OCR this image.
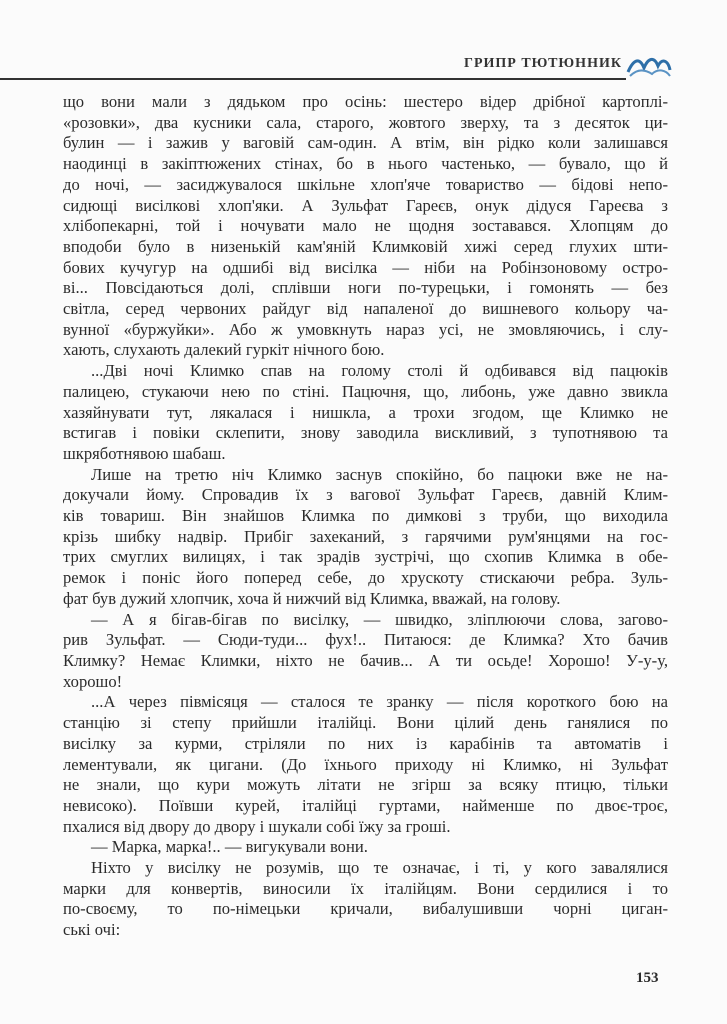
ГРИПР ТЮТЮННИК
що вони мали з дядьком про осінь: шестеро відер дрібної картоплі-
«розовки», два кусники сала, старого, жовтого зверху, та з десяток ци-
булин — і зажив у ваговій сам-один. А втім, він рідко коли залишався
наодинці в закіптюжених стінах, бо в нього частенько, — бувало, що й
до ночі, — засиджувалося шкільне хлоп'яче товариство — бідові непо-
сидющі висілкові хлоп'яки. А Зульфат Гареєв, онук дідуся Гареєва з
хлібопекарні, той і ночувати мало не щодня зоставався. Хлопцям до
вподоби було в низенькій кам'яній Климковій хижі серед глухих шти-
бових кучугур на одшибі від висілка — ніби на Робінзоновому остро-
ві... Повсідаються долі, сплівши ноги по-турецьки, і гомонять — без
світла, серед червоних райдуг від напаленої до вишневого кольору ча-
вунної «буржуйки». Або ж умовкнуть нараз усі, не змовляючись, і слу-
хають, слухають далекий гуркіт нічного бою.
...Дві ночі Климко спав на голому столі й одбивався від пацюків
палицею, стукаючи нею по стіні. Пацючня, що, либонь, уже давно звикла
хазяйнувати тут, лякалася і нишкла, а трохи згодом, ще Климко не
встигав і повіки склепити, знову заводила вискливий, з тупотнявою та
шкряботнявою шабаш.
Лише на третю ніч Климко заснув спокійно, бо пацюки вже не на-
докучали йому. Спровадив їх з вагової Зульфат Гареєв, давній Клим-
ків товариш. Він знайшов Климка по димкові з труби, що виходила
крізь шибку надвір. Прибіг захеканий, з гарячими рум'янцями на гос-
трих смуглих вилицях, і так зрадів зустрічі, що схопив Климка в обе-
ремок і поніс його поперед себе, до хрускоту стискаючи ребра. Зуль-
фат був дужий хлопчик, хоча й нижчий від Климка, вважай, на голову.
— А я бігав-бігав по висілку, — швидко, зліплюючи слова, загово-
рив Зульфат. — Сюди-туди... фух!.. Питаюся: де Климка? Хто бачив
Климку? Немає Климки, ніхто не бачив... А ти осьде! Хорошо! У-у-у,
хорошо!
...А через півмісяця — сталося те зранку — після короткого бою на
станцію зі степу прийшли італійці. Вони цілий день ганялися по
висілку за курми, стріляли по них із карабінів та автоматів і
лементували, як цигани. (До їхнього приходу ні Климко, ні Зульфат
не знали, що кури можуть літати не згірш за всяку птицю, тільки
невисоко). Поївши курей, італійці гуртами, найменше по двоє-троє,
пхалися від двору до двору і шукали собі їжу за гроші.
— Марка, марка!.. — вигукували вони.
Ніхто у висілку не розумів, що те означає, і ті, у кого завалялися
марки для конвертів, виносили їх італійцям. Вони сердилися і то
по-своєму, то по-німецьки кричали, вибалушивши чорні циган-
ські очі:
153
